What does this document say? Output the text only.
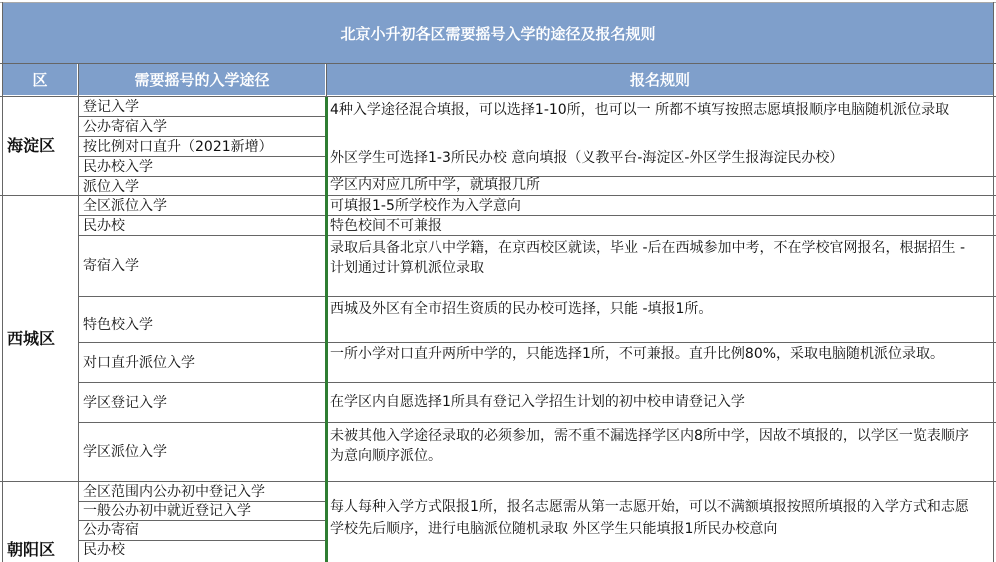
北京小升初各区需要摇号入学的途径及报名规则
区	需要摇号的入学途径	报名规则
海淀区
登记入学
公办寄宿入学
按比例对口直升（2021新增）
民办校入学
派位入学
4种入学途径混合填报，可以选择1-10所，也可以一 所都不填写按照志愿填报顺序电脑随机派位录取
外区学生可选择1-3所民办校 意向填报（义教平台-海淀区-外区学生报海淀民办校）
学区内对应几所中学，就填报几所
西城区
全区派位入学
民办校
寄宿入学
特色校入学
对口直升派位入学
学区登记入学
学区派位入学
可填报1-5所学校作为入学意向
特色校间不可兼报
录取后具备北京八中学籍，在京西校区就读，毕业 -后在西城参加中考，不在学校官网报名，根据招生 -计划通过计算机派位录取
西城及外区有全市招生资质的民办校可选择，只能 -填报1所。
一所小学对口直升两所中学的，只能选择1所，不可兼报。直升比例80%，采取电脑随机派位录取。
在学区内自愿选择1所具有登记入学招生计划的初中校申请登记入学
未被其他入学途径录取的必须参加，需不重不漏选择学区内8所中学，因故不填报的，以学区一览表顺序为意向顺序派位。
朝阳区
全区范围内公办初中登记入学
一般公办初中就近登记入学
公办寄宿
民办校
每人每种入学方式限报1所，报名志愿需从第一志愿开始，可以不满额填报按照所填报的入学方式和志愿学校先后顺序，进行电脑派位随机录取 外区学生只能填报1所民办校意向
